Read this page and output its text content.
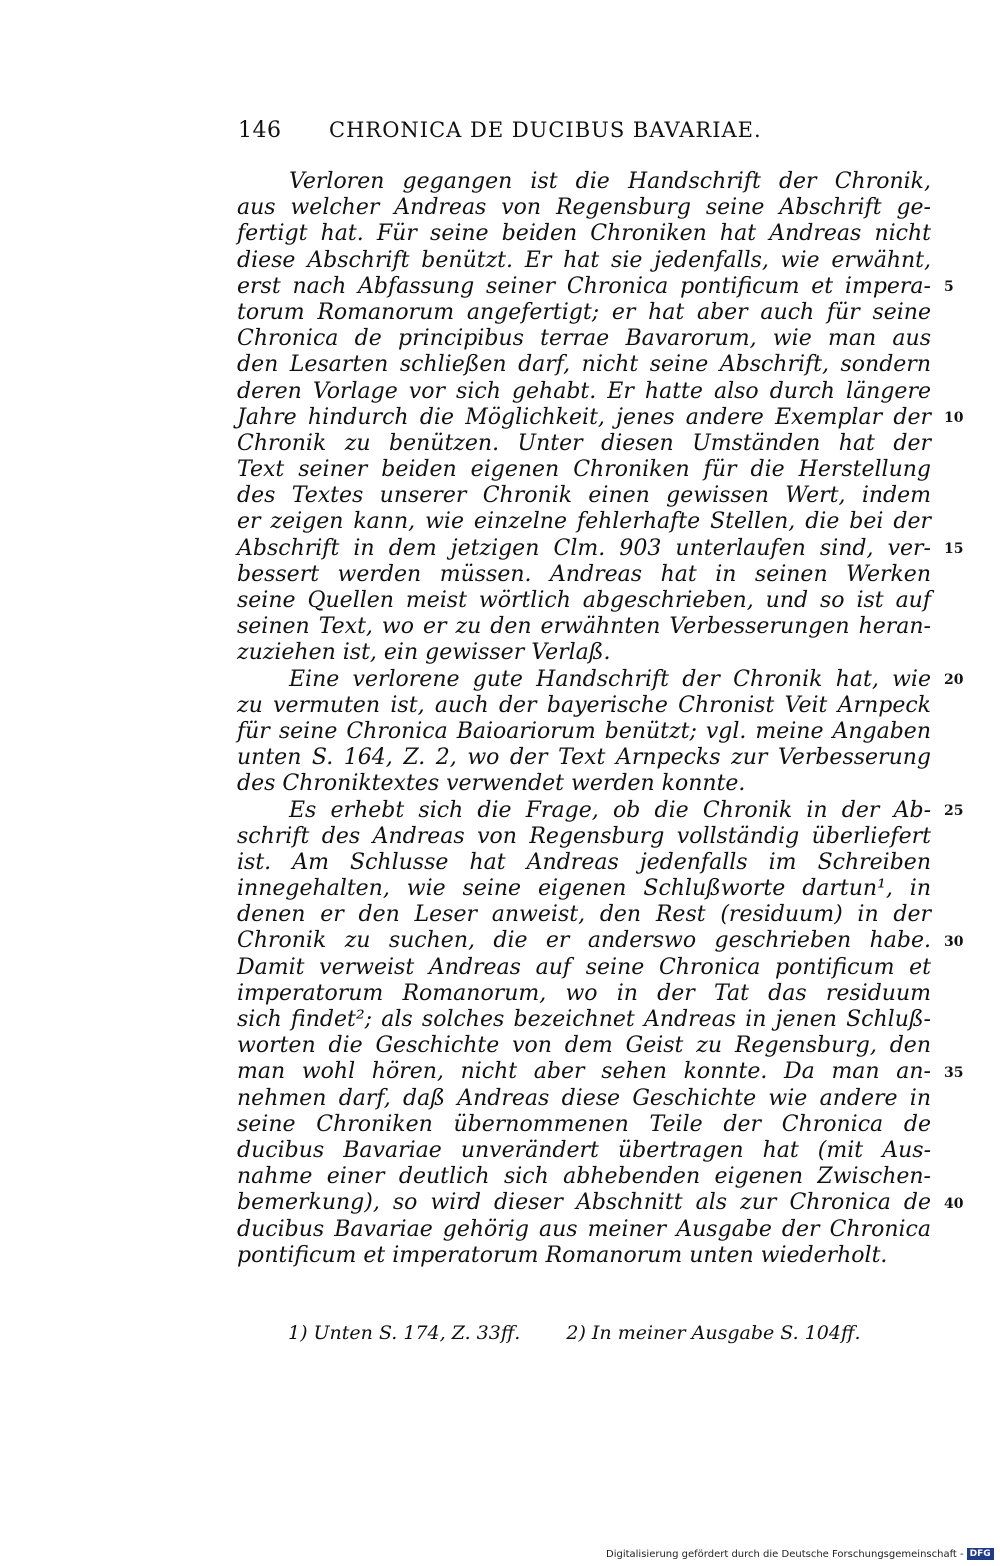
146 CHRONICA DE DUCIBUS BAVARIAE.
Verloren gegangen ist die Handschrift der Chronik,
aus welcher Andreas von Regensburg seine Abschrift ge-
fertigt hat. Für seine beiden Chroniken hat Andreas nicht
diese Abschrift benützt. Er hat sie jedenfalls, wie erwähnt,
erst nach Abfassung seiner Chronica pontificum et impera-
torum Romanorum angefertigt; er hat aber auch für seine
Chronica de principibus terrae Bavarorum, wie man aus
den Lesarten schließen darf, nicht seine Abschrift, sondern
deren Vorlage vor sich gehabt. Er hatte also durch längere
Jahre hindurch die Möglichkeit, jenes andere Exemplar der
Chronik zu benützen. Unter diesen Umständen hat der
Text seiner beiden eigenen Chroniken für die Herstellung
des Textes unserer Chronik einen gewissen Wert, indem
er zeigen kann, wie einzelne fehlerhafte Stellen, die bei der
Abschrift in dem jetzigen Clm. 903 unterlaufen sind, ver-
bessert werden müssen. Andreas hat in seinen Werken
seine Quellen meist wörtlich abgeschrieben, und so ist auf
seinen Text, wo er zu den erwähnten Verbesserungen heran-
zuziehen ist, ein gewisser Verlaß.
Eine verlorene gute Handschrift der Chronik hat, wie
zu vermuten ist, auch der bayerische Chronist Veit Arnpeck
für seine Chronica Baioariorum benützt; vgl. meine Angaben
unten S. 164, Z. 2, wo der Text Arnpecks zur Verbesserung
des Chroniktextes verwendet werden konnte.
Es erhebt sich die Frage, ob die Chronik in der Ab-
schrift des Andreas von Regensburg vollständig überliefert
ist. Am Schlusse hat Andreas jedenfalls im Schreiben
innegehalten, wie seine eigenen Schlußworte dartun¹, in
denen er den Leser anweist, den Rest (residuum) in der
Chronik zu suchen, die er anderswo geschrieben habe.
Damit verweist Andreas auf seine Chronica pontificum et
imperatorum Romanorum, wo in der Tat das residuum
sich findet²; als solches bezeichnet Andreas in jenen Schluß-
worten die Geschichte von dem Geist zu Regensburg, den
man wohl hören, nicht aber sehen konnte. Da man an-
nehmen darf, daß Andreas diese Geschichte wie andere in
seine Chroniken übernommenen Teile der Chronica de
ducibus Bavariae unverändert übertragen hat (mit Aus-
nahme einer deutlich sich abhebenden eigenen Zwischen-
bemerkung), so wird dieser Abschnitt als zur Chronica de
ducibus Bavariae gehörig aus meiner Ausgabe der Chronica
pontificum et imperatorum Romanorum unten wiederholt.
5
10
15
20
25
30
35
40
1) Unten S. 174, Z. 33ff. 2) In meiner Ausgabe S. 104ff.
Digitalisierung gefördert durch die Deutsche Forschungsgemeinschaft - DFG
